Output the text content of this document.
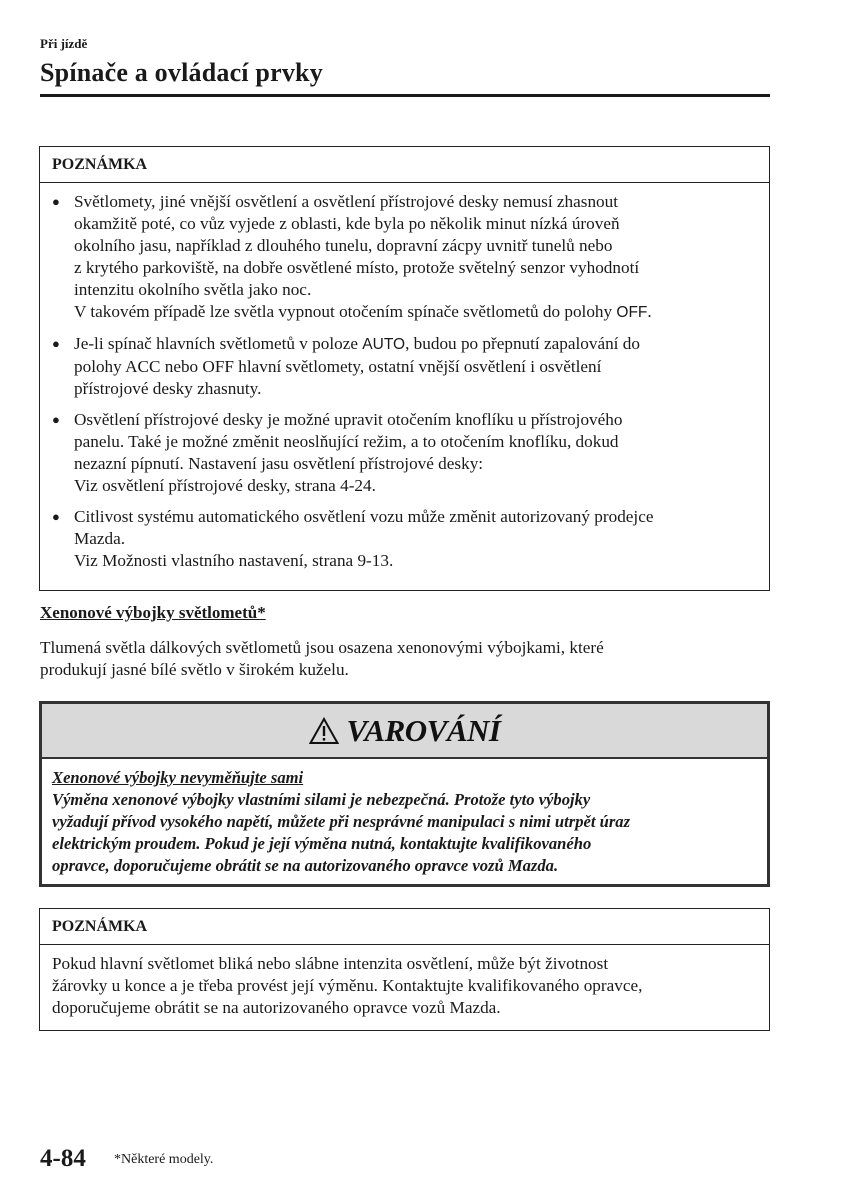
Při jízdě
Spínače a ovládací prvky
POZNÁMKA
● Světlomety, jiné vnější osvětlení a osvětlení přístrojové desky nemusí zhasnout
okamžitě poté, co vůz vyjede z oblasti, kde byla po několik minut nízká úroveň
okolního jasu, například z dlouhého tunelu, dopravní zácpy uvnitř tunelů nebo
z krytého parkoviště, na dobře osvětlené místo, protože světelný senzor vyhodnotí
intenzitu okolního světla jako noc.
V takovém případě lze světla vypnout otočením spínače světlometů do polohy OFF.
● Je-li spínač hlavních světlometů v poloze AUTO, budou po přepnutí zapalování do
polohy ACC nebo OFF hlavní světlomety, ostatní vnější osvětlení i osvětlení
přístrojové desky zhasnuty.
● Osvětlení přístrojové desky je možné upravit otočením knoflíku u přístrojového
panelu. Také je možné změnit neoslňující režim, a to otočením knoflíku, dokud
nezazní pípnutí. Nastavení jasu osvětlení přístrojové desky:
Viz osvětlení přístrojové desky, strana 4-24.
● Citlivost systému automatického osvětlení vozu může změnit autorizovaný prodejce
Mazda.
Viz Možnosti vlastního nastavení, strana 9-13.
Xenonové výbojky světlometů*
Tlumená světla dálkových světlometů jsou osazena xenonovými výbojkami, které
produkují jasné bílé světlo v širokém kuželu.
VAROVÁNÍ
Xenonové výbojky nevyměňujte sami
Výměna xenonové výbojky vlastními silami je nebezpečná. Protože tyto výbojky
vyžadují přívod vysokého napětí, můžete při nesprávné manipulaci s nimi utrpět úraz
elektrickým proudem. Pokud je její výměna nutná, kontaktujte kvalifikovaného
opravce, doporučujeme obrátit se na autorizovaného opravce vozů Mazda.
POZNÁMKA
Pokud hlavní světlomet bliká nebo slábne intenzita osvětlení, může být životnost
žárovky u konce a je třeba provést její výměnu. Kontaktujte kvalifikovaného opravce,
doporučujeme obrátit se na autorizovaného opravce vozů Mazda.
4-84 *Některé modely.
